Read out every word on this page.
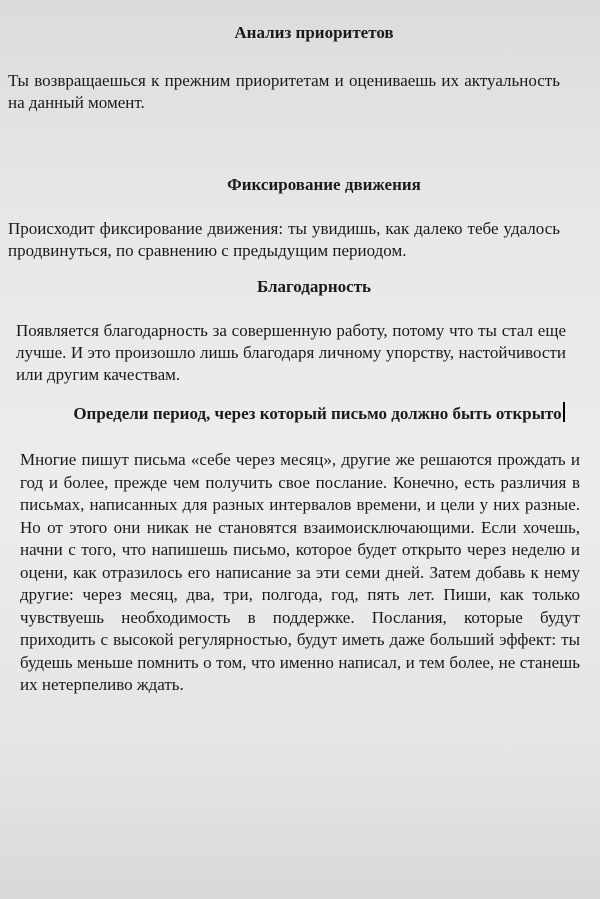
Анализ приоритетов

Ты возвращаешься к прежним приоритетам и оцениваешь их актуальность на данный момент.

Фиксирование движения

Происходит фиксирование движения: ты увидишь, как далеко тебе удалось продвинуться, по сравнению с предыдущим периодом.

Благодарность

Появляется благодарность за совершенную работу, потому что ты стал еще лучше. И это произошло лишь благодаря личному упорству, настойчивости или другим качествам.

Определи период, через который письмо должно быть открыто

Многие пишут письма «себе через месяц», другие же решаются прождать и год и более, прежде чем получить свое послание. Конечно, есть различия в письмах, написанных для разных интервалов времени, и цели у них разные. Но от этого они никак не становятся взаимоисключающими. Если хочешь, начни с того, что напишешь письмо, которое будет открыто через неделю и оцени, как отразилось его написание за эти семи дней. Затем добавь к нему другие: через месяц, два, три, полгода, год, пять лет. Пиши, как только чувствуешь необходимость в поддержке. Послания, которые будут приходить с высокой регулярностью, будут иметь даже больший эффект: ты будешь меньше помнить о том, что именно написал, и тем более, не станешь их нетерпеливо ждать.
